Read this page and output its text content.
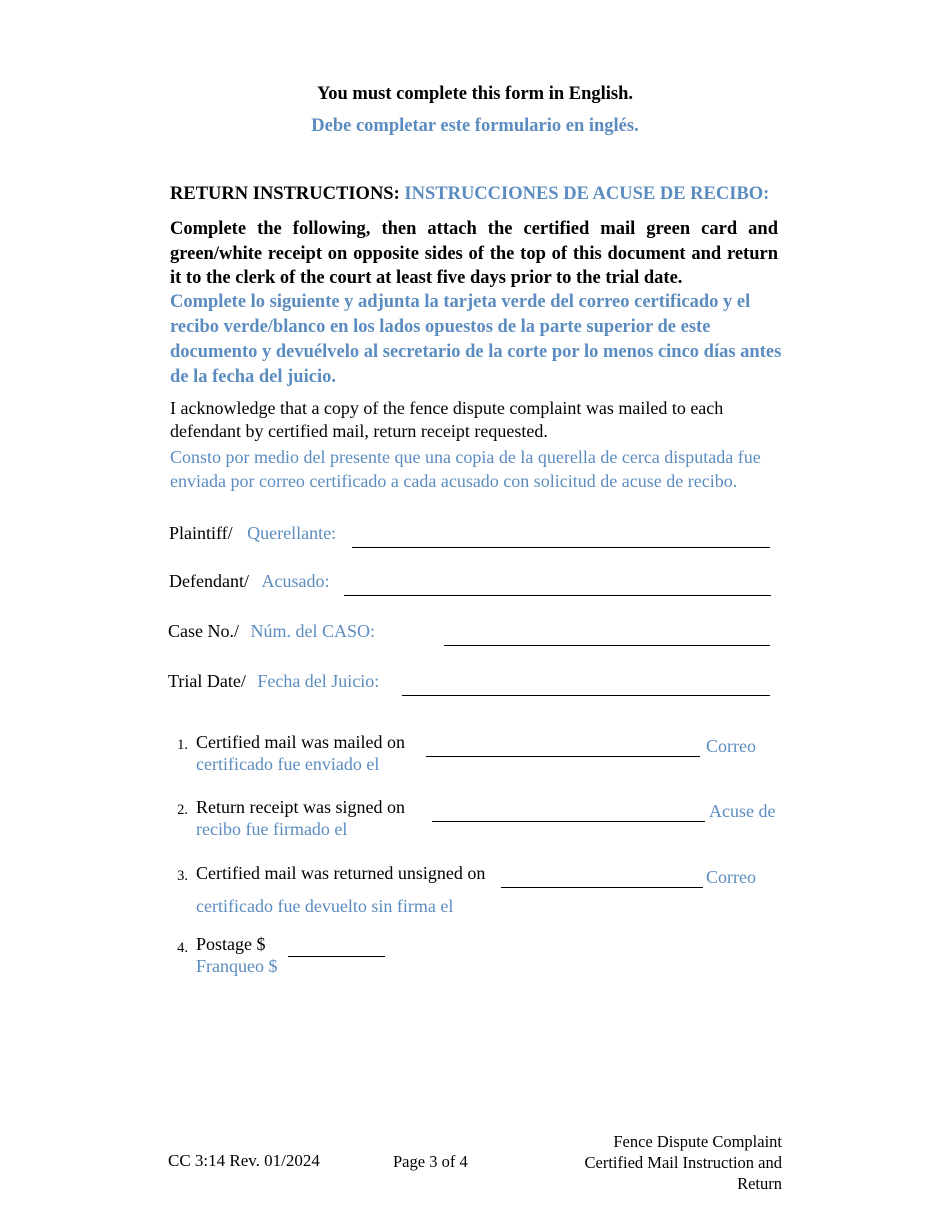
You must complete this form in English.
Debe completar este formulario en inglés.
RETURN INSTRUCTIONS: INSTRUCCIONES DE ACUSE DE RECIBO:
Complete the following, then attach the certified mail green card and green/white receipt on opposite sides of the top of this document and return it to the clerk of the court at least five days prior to the trial date.
Complete lo siguiente y adjunta la tarjeta verde del correo certificado y el recibo verde/blanco en los lados opuestos de la parte superior de este documento y devuélvelo al secretario de la corte por lo menos cinco días antes de la fecha del juicio.
I acknowledge that a copy of the fence dispute complaint was mailed to each defendant by certified mail, return receipt requested.
Consto por medio del presente que una copia de la querella de cerca disputada fue enviada por correo certificado a cada acusado con solicitud de acuse de recibo.
Plaintiff/ Querellante:
Defendant/ Acusado:
Case No./ Núm. del CASO:
Trial Date/ Fecha del Juicio:
1. Certified mail was mailed on	Correo
certificado fue enviado el
2. Return receipt was signed on	Acuse de
recibo fue firmado el
3. Certified mail was returned unsigned on	Correo
certificado fue devuelto sin firma el
4. Postage $
Franqueo $
CC 3:14 Rev. 01/2024	Page 3 of 4
Fence Dispute Complaint
Certified Mail Instruction and Return
